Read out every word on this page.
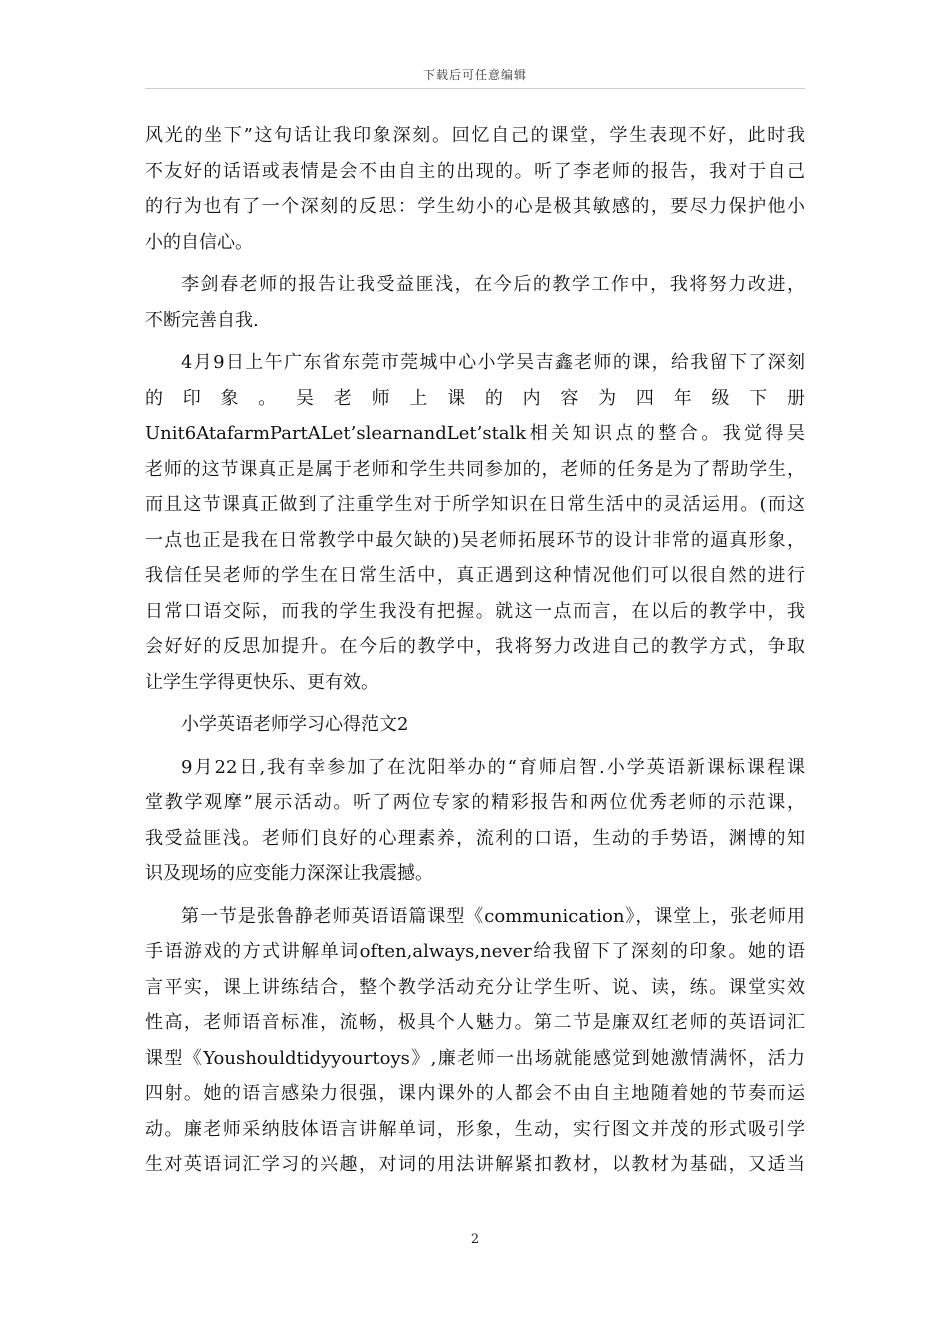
下载后可任意编辑
风光的坐下”这句话让我印象深刻。回忆自己的课堂，学生表现不好，此时我
不友好的话语或表情是会不由自主的出现的。听了李老师的报告，我对于自己
的行为也有了一个深刻的反思：学生幼小的心是极其敏感的，要尽力保护他小
小的自信心。
李剑春老师的报告让我受益匪浅，在今后的教学工作中，我将努力改进，
不断完善自我.
4月9日上午广东省东莞市莞城中心小学吴吉鑫老师的课，给我留下了深刻
的 印 象 。 吴 老 师 上 课 的 内 容 为 四 年 级 下 册
Unit6AtafarmPartALet’slearnandLet’stalk相关知识点的整合。我觉得吴
老师的这节课真正是属于老师和学生共同参加的，老师的任务是为了帮助学生，
而且这节课真正做到了注重学生对于所学知识在日常生活中的灵活运用。(而这
一点也正是我在日常教学中最欠缺的)吴老师拓展环节的设计非常的逼真形象，
我信任吴老师的学生在日常生活中，真正遇到这种情况他们可以很自然的进行
日常口语交际，而我的学生我没有把握。就这一点而言，在以后的教学中，我
会好好的反思加提升。在今后的教学中，我将努力改进自己的教学方式，争取
让学生学得更快乐、更有效。
小学英语老师学习心得范文2
9月22日,我有幸参加了在沈阳举办的“育师启智.小学英语新课标课程课
堂教学观摩”展示活动。听了两位专家的精彩报告和两位优秀老师的示范课，
我受益匪浅。老师们良好的心理素养，流利的口语，生动的手势语，渊博的知
识及现场的应变能力深深让我震撼。
第一节是张鲁静老师英语语篇课型《communication》，课堂上，张老师用
手语游戏的方式讲解单词often,always,never给我留下了深刻的印象。她的语
言平实，课上讲练结合，整个教学活动充分让学生听、说、读，练。课堂实效
性高，老师语音标准，流畅，极具个人魅力。第二节是廉双红老师的英语词汇
课型《Youshouldtidyyourtoys》,廉老师一出场就能感觉到她激情满怀，活力
四射。她的语言感染力很强，课内课外的人都会不由自主地随着她的节奏而运
动。廉老师采纳肢体语言讲解单词，形象，生动，实行图文并茂的形式吸引学
生对英语词汇学习的兴趣，对词的用法讲解紧扣教材，以教材为基础，又适当
2
